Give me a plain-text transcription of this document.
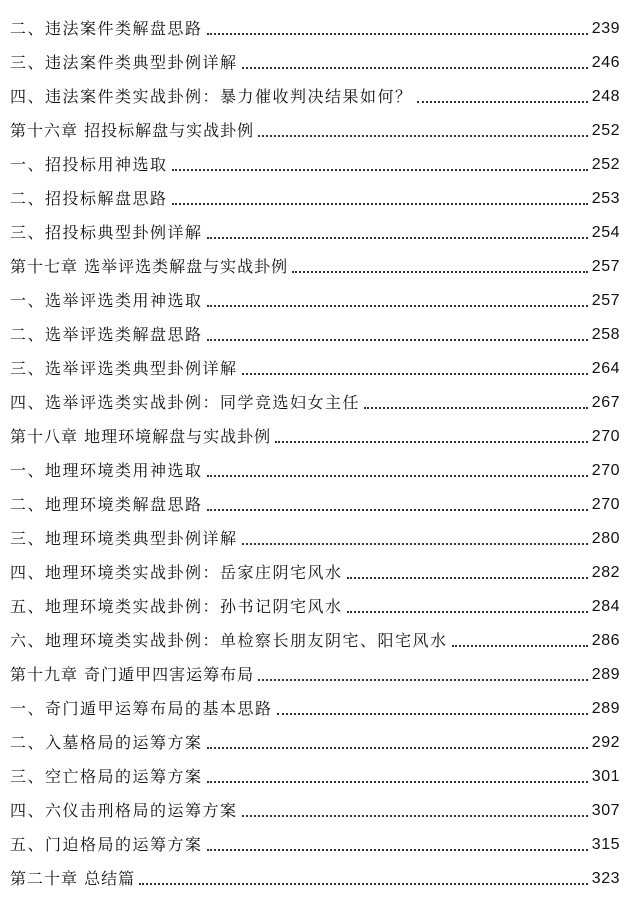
二、违法案件类解盘思路	239
三、违法案件类典型卦例详解	246
四、违法案件类实战卦例：暴力催收判决结果如何？	248
第十六章 招投标解盘与实战卦例	252
一、招投标用神选取	252
二、招投标解盘思路	253
三、招投标典型卦例详解	254
第十七章 选举评选类解盘与实战卦例	257
一、选举评选类用神选取	257
二、选举评选类解盘思路	258
三、选举评选类典型卦例详解	264
四、选举评选类实战卦例：同学竞选妇女主任	267
第十八章 地理环境解盘与实战卦例	270
一、地理环境类用神选取	270
二、地理环境类解盘思路	270
三、地理环境类典型卦例详解	280
四、地理环境类实战卦例：岳家庄阴宅风水	282
五、地理环境类实战卦例：孙书记阴宅风水	284
六、地理环境类实战卦例：单检察长朋友阴宅、阳宅风水	286
第十九章 奇门遁甲四害运筹布局	289
一、奇门遁甲运筹布局的基本思路	289
二、入墓格局的运筹方案	292
三、空亡格局的运筹方案	301
四、六仪击刑格局的运筹方案	307
五、门迫格局的运筹方案	315
第二十章 总结篇	323
